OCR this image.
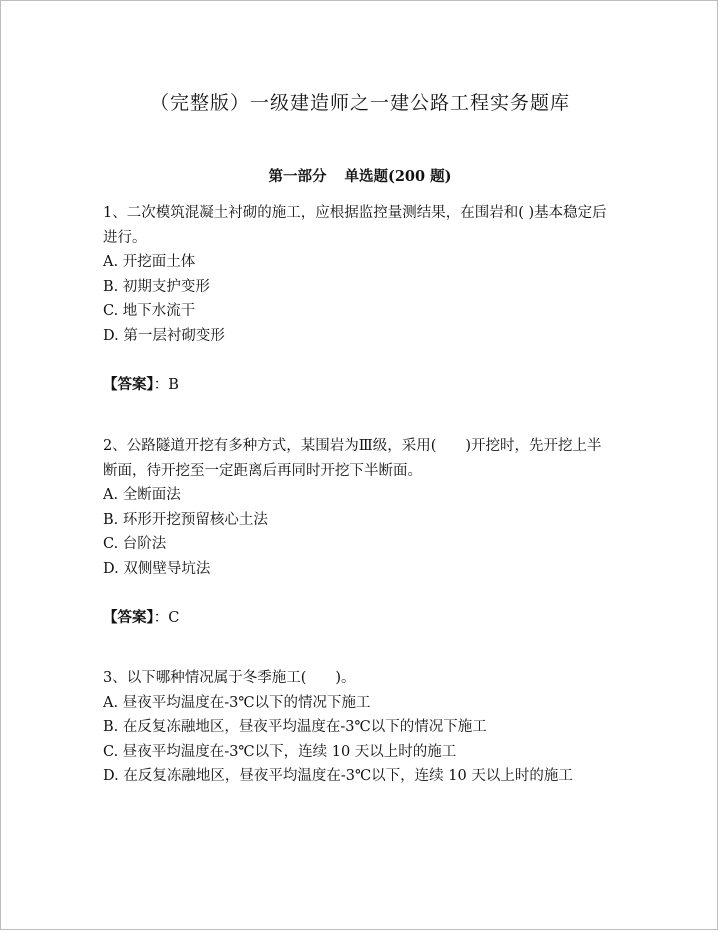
（完整版）一级建造师之一建公路工程实务题库
第一部分 单选题(200 题)

1、二次模筑混凝土衬砌的施工，应根据监控量测结果，在围岩和( )基本稳定后进行。

A. 开挖面土体

B. 初期支护变形

C. 地下水流干

D. 第一层衬砌变形

【答案】：B

2、公路隧道开挖有多种方式，某围岩为Ⅲ级，采用(　　)开挖时，先开挖上半断面，待开挖至一定距离后再同时开挖下半断面。

A. 全断面法

B. 环形开挖预留核心土法

C. 台阶法

D. 双侧壁导坑法

【答案】：C

3、以下哪种情况属于冬季施工(　　)。

A. 昼夜平均温度在-3℃以下的情况下施工

B. 在反复冻融地区，昼夜平均温度在-3℃以下的情况下施工

C. 昼夜平均温度在-3℃以下，连续 10 天以上时的施工

D. 在反复冻融地区，昼夜平均温度在-3℃以下，连续 10 天以上时的施工
